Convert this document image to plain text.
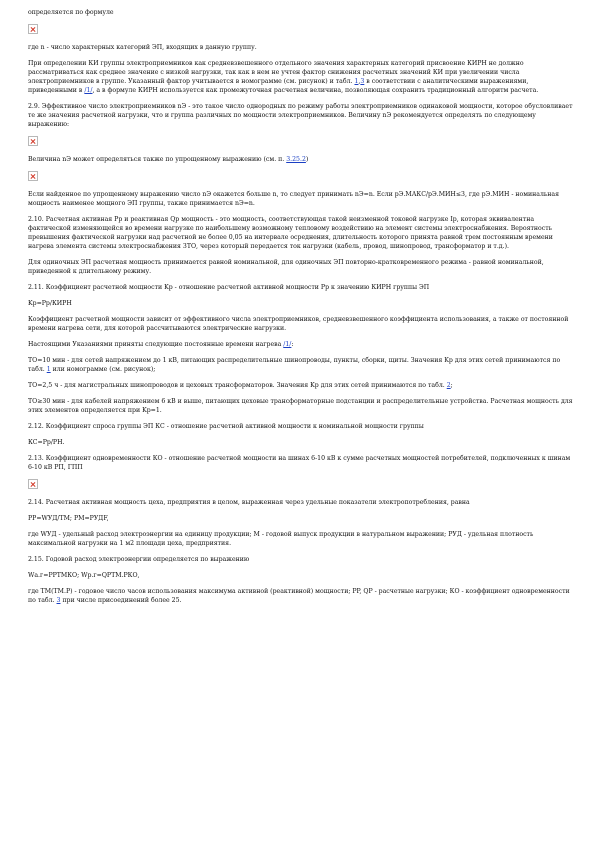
определяется по формуле

где n - число характерных категорий ЭП, входящих в данную группу.

При определении КИ группы электроприемников как средневзвешенного отдельного значения характерных категорий присвоение КИРН не должно рассматриваться как среднее значение с низкой нагрузки, так как в нем не учтен фактор снижения расчетных значений КИ при увеличении числа электроприемников в группе. Указанный фактор учитывается в номограмме (см. рисунок) и табл. 1,3 в соответствии с аналитическими выражениями, приведенными в /1/, а в формуле КИРН используется как промежуточная расчетная величина, позволяющая сохранить традиционный алгоритм расчета.

2.9. Эффективное число электроприемников nЭ - это такое число однородных по режиму работы электроприемников одинаковой мощности, которое обусловливает те же значения расчетной нагрузки, что и группа различных по мощности электроприемников. Величину nЭ рекомендуется определять по следующему выражению:

Величина nЭ может определяться также по упрощенному выражению (см. п. 3.25.2)

Если найденное по упрощенному выражению число nЭ окажется больше n, то следует принимать nЭ=n. Если pЭ.МАКС/pЭ.МИН≤3, где pЭ.МИН - номинальная мощность наименее мощного ЭП группы, также принимается nЭ=n.

2.10. Расчетная активная Pp и реактивная Qp мощность - это мощность, соответствующая такой неизменной токовой нагрузке Ip, которая эквивалентна фактической изменяющейся во времени нагрузке по наибольшему возможному тепловому воздействию на элемент системы электроснабжения. Вероятность превышения фактической нагрузки над расчетной не более 0,05 на интервале осреднения, длительность которого принята равной трем постоянным времени нагрева элемента системы электроснабжения 3ТО, через который передается ток нагрузки (кабель, провод, шинопровод, трансформатор и т.д.).

Для одиночных ЭП расчетная мощность принимается равной номинальной, для одиночных ЭП повторно-кратковременного режима - равной номинальной, приведенной к длительному режиму.

2.11. Коэффициент расчетной мощности Kp - отношение расчетной активной мощности Pp к значению КИРН группы ЭП

Kp=Pp/КИРН

Коэффициент расчетной мощности зависит от эффективного числа электроприемников, средневзвешенного коэффициента использования, а также от постоянной времени нагрева сети, для которой рассчитываются электрические нагрузки.

Настоящими Указаниями приняты следующие постоянные времени нагрева /1/:

ТО=10 мин - для сетей напряжением до 1 кВ, питающих распределительные шинопроводы, пункты, сборки, щиты. Значения Kp для этих сетей принимаются по табл. 1 или номограмме (см. рисунок);

ТО=2,5 ч - для магистральных шинопроводов и цеховых трансформаторов. Значения Kp для этих сетей принимаются по табл. 2;

ТО≥30 мин - для кабелей напряжением 6 кВ и выше, питающих цеховые трансформаторные подстанции и распределительные устройства. Расчетная мощность для этих элементов определяется при Kp=1.

2.12. Коэффициент спроса группы ЭП КС - отношение расчетной активной мощности к номинальной мощности группы

КС=Pp/PН.

2.13. Коэффициент одновременности КО - отношение расчетной мощности на шинах 6-10 кВ к сумме расчетных мощностей потребителей, подключенных к шинам 6-10 кВ РП, ГПП

2.14. Расчетная активная мощность цеха, предприятия в целом, выраженная через удельные показатели электропотребления, равна

PP=WУД/ТМ; PМ=PУДF,

где WУД - удельный расход электроэнергии на единицу продукции; М - годовой выпуск продукции в натуральном выражении; PУД - удельная плотность максимальной нагрузки на 1 м2 площади цеха, предприятия.

2.15. Годовой расход электроэнергии определяется по выражению

Wа.г=PPТМКО; Wр.г=QPТМ.РКО,

где ТМ(ТМ.Р) - годовое число часов использования максимума активной (реактивной) мощности; PP, QP - расчетные нагрузки; КО - коэффициент одновременности по табл. 3 при числе присоединений более 25.
